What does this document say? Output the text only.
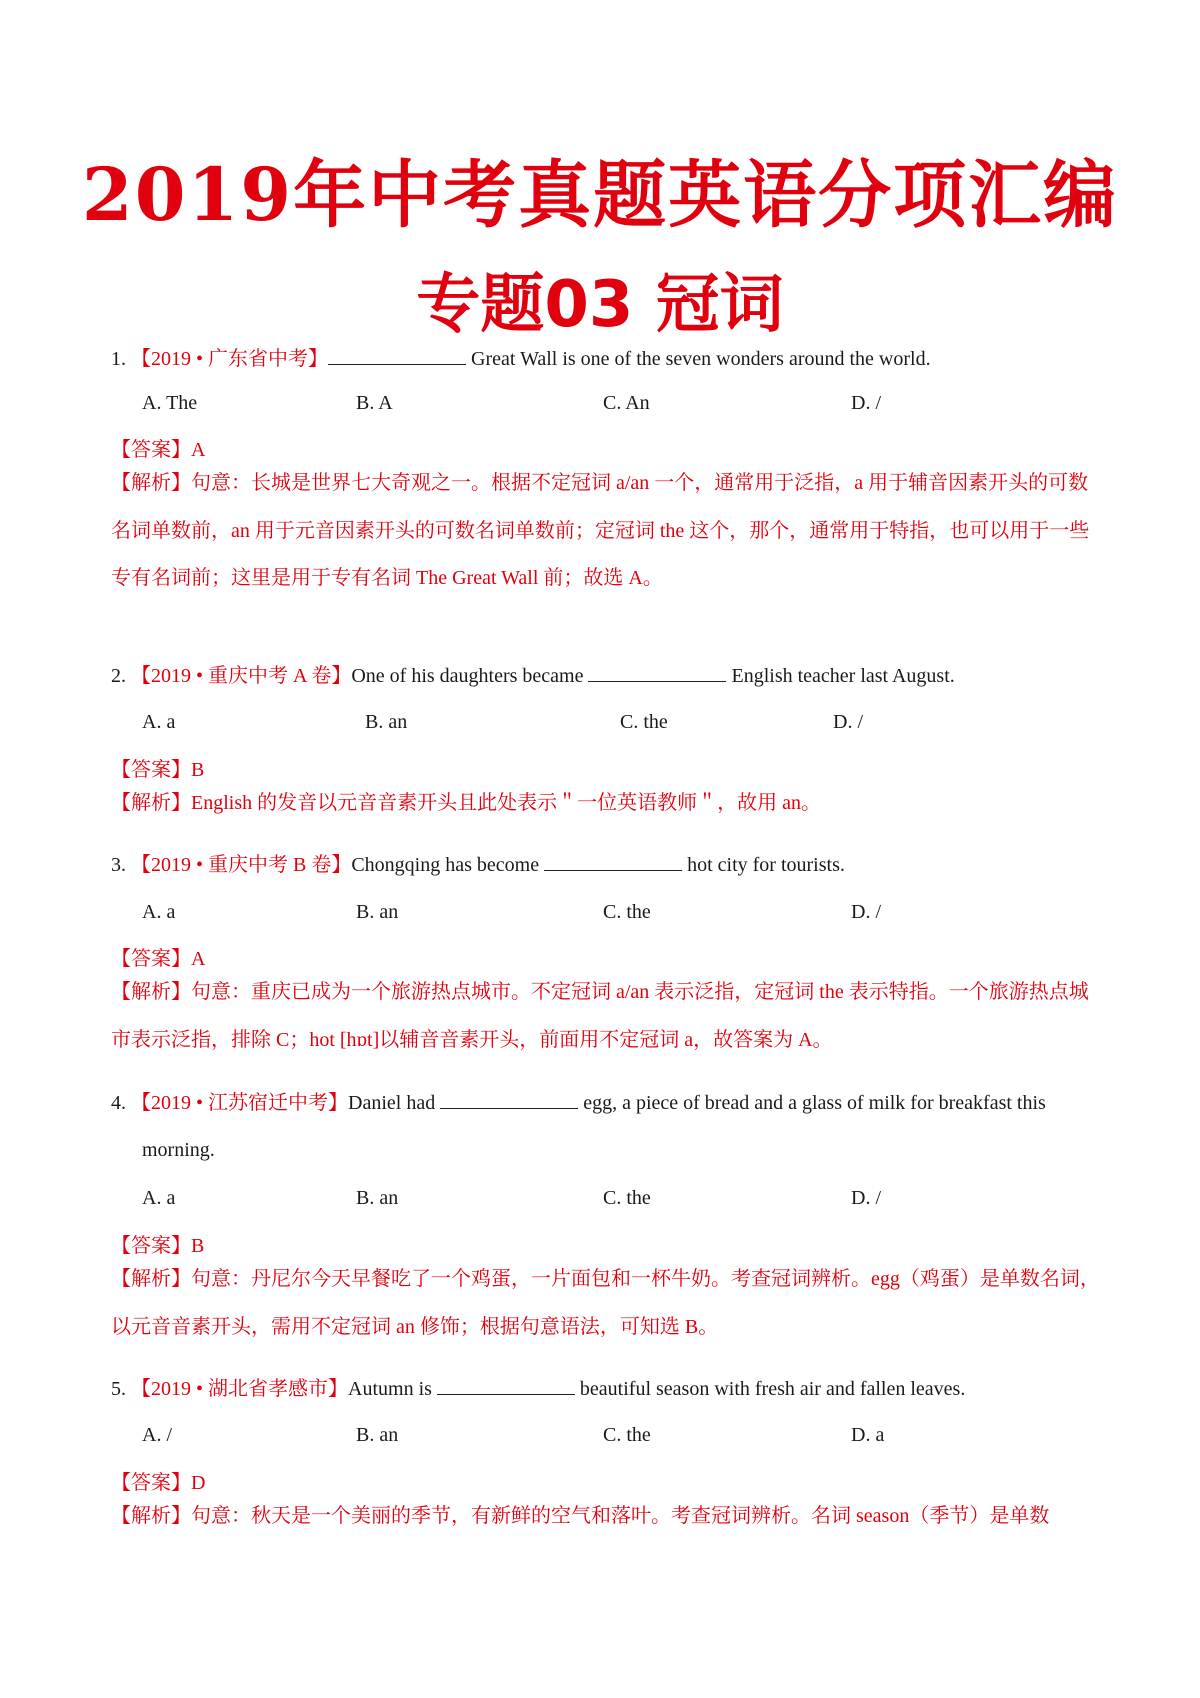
2019年中考真题英语分项汇编
专题03 冠词
1. 【2019 • 广东省中考】	Great Wall is one of the seven wonders around the world.
A. The	B. A	C. An	D. /
【答案】A
【解析】句意：长城是世界七大奇观之一。根据不定冠词 a/an 一个，通常用于泛指，a 用于辅音因素开头的可数名词单数前，an 用于元音因素开头的可数名词单数前；定冠词 the 这个，那个，通常用于特指，也可以用于一些专有名词前；这里是用于专有名词 The Great Wall 前；故选 A。
2. 【2019 • 重庆中考 A 卷】One of his daughters became	English teacher last August.
A. a	B. an	C. the	D. /
【答案】B
【解析】English 的发音以元音音素开头且此处表示＂一位英语教师＂，故用 an。
3. 【2019 • 重庆中考 B 卷】Chongqing has become	hot city for tourists.
A. a	B. an	C. the	D. /
【答案】A
【解析】句意：重庆已成为一个旅游热点城市。不定冠词 a/an 表示泛指，定冠词 the 表示特指。一个旅游热点城市表示泛指，排除 C；hot [hɒt]以辅音音素开头，前面用不定冠词 a，故答案为 A。
4. 【2019 • 江苏宿迁中考】Daniel had	egg, a piece of bread and a glass of milk for breakfast this
morning.
A. a	B. an	C. the	D. /
【答案】B
【解析】句意：丹尼尔今天早餐吃了一个鸡蛋，一片面包和一杯牛奶。考查冠词辨析。egg（鸡蛋）是单数名词，以元音音素开头，需用不定冠词 an 修饰；根据句意语法，可知选 B。
5. 【2019 • 湖北省孝感市】Autumn is	beautiful season with fresh air and fallen leaves.
A. /	B. an	C. the	D. a
【答案】D
【解析】句意：秋天是一个美丽的季节，有新鲜的空气和落叶。考查冠词辨析。名词 season（季节）是单数
